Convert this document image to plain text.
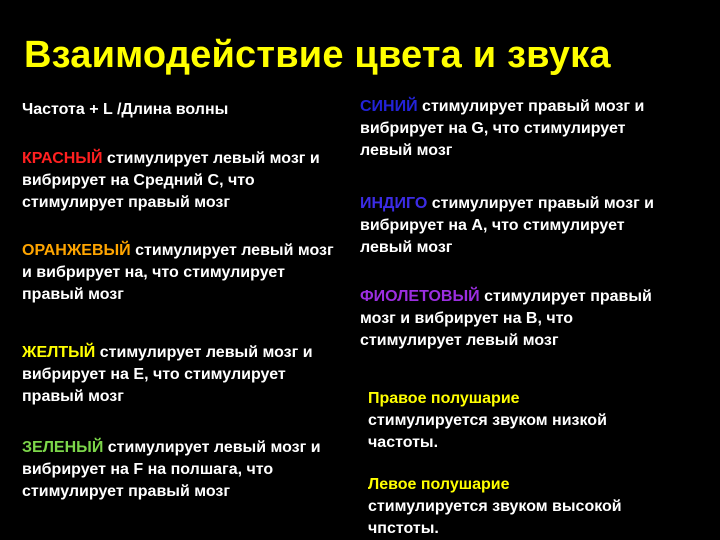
Взаимодействие цвета и звука
Частота + L /Длина волны
КРАСНЫЙ стимулирует левый мозг и вибрирует на Средний С, что стимулирует правый мозг
ОРАНЖЕВЫЙ стимулирует левый мозг и вибрирует на, что стимулирует правый мозг
ЖЕЛТЫЙ стимулирует левый мозг и вибрирует на Е, что стимулирует правый мозг
ЗЕЛЕНЫЙ стимулирует левый мозг и вибрирует на F на полшага, что стимулирует правый мозг
СИНИЙ стимулирует правый мозг и вибрирует на G, что стимулирует левый мозг
ИНДИГО стимулирует правый мозг и вибрирует на А, что стимулирует левый мозг
ФИОЛЕТОВЫЙ стимулирует правый мозг и вибрирует на В, что стимулирует левый мозг
Правое полушарие
стимулируется звуком низкой частоты.
Левое полушарие
стимулируется звуком высокой чпстоты.
